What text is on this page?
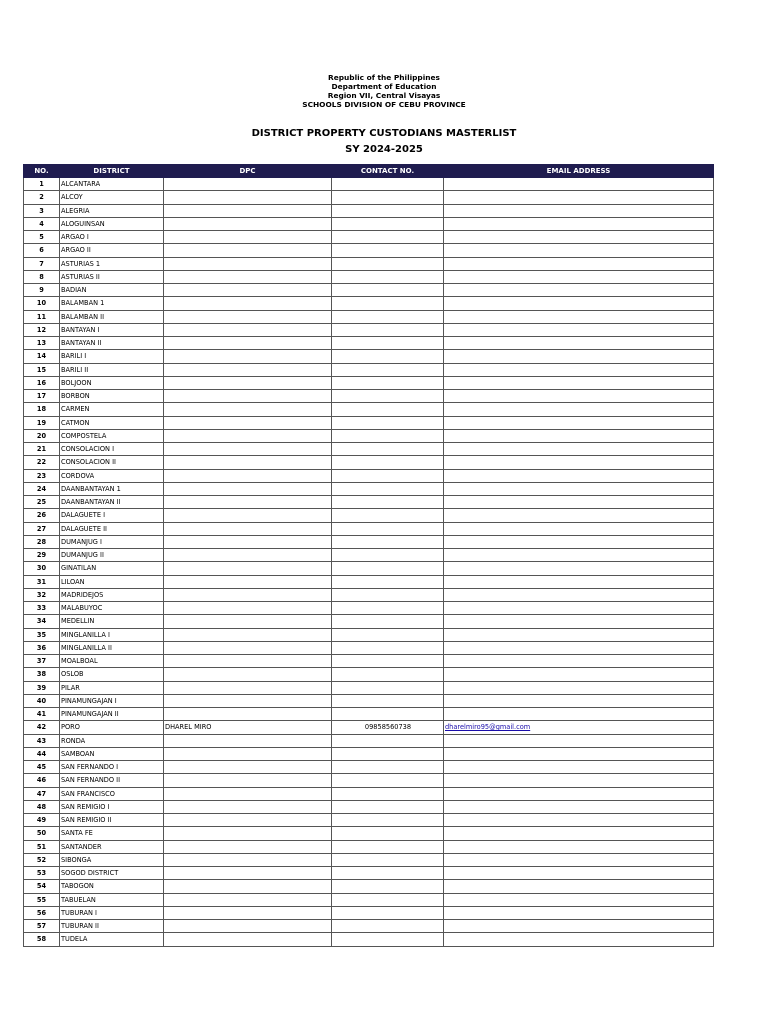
Republic of the Philippines
Department of Education
Region VII, Central Visayas
SCHOOLS DIVISION OF CEBU PROVINCE
DISTRICT PROPERTY CUSTODIANS MASTERLIST
SY 2024-2025
NO.	DISTRICT	DPC	CONTACT NO.	EMAIL ADDRESS
1	ALCANTARA			
2	ALCOY			
3	ALEGRIA			
4	ALOGUINSAN			
5	ARGAO I			
6	ARGAO II			
7	ASTURIAS 1			
8	ASTURIAS II			
9	BADIAN			
10	BALAMBAN 1			
11	BALAMBAN II			
12	BANTAYAN I			
13	BANTAYAN II			
14	BARILI I			
15	BARILI II			
16	BOLJOON			
17	BORBON			
18	CARMEN			
19	CATMON			
20	COMPOSTELA			
21	CONSOLACION I			
22	CONSOLACION II			
23	CORDOVA			
24	DAANBANTAYAN 1			
25	DAANBANTAYAN II			
26	DALAGUETE I			
27	DALAGUETE II			
28	DUMANJUG I			
29	DUMANJUG II			
30	GINATILAN			
31	LILOAN			
32	MADRIDEJOS			
33	MALABUYOC			
34	MEDELLIN			
35	MINGLANILLA I			
36	MINGLANILLA II			
37	MOALBOAL			
38	OSLOB			
39	PILAR			
40	PINAMUNGAJAN I			
41	PINAMUNGAJAN II			
42	PORO	DHAREL MIRO	09858560738	dharelmiro95@gmail.com
43	RONDA			
44	SAMBOAN			
45	SAN FERNANDO I			
46	SAN FERNANDO II			
47	SAN FRANCISCO			
48	SAN REMIGIO I			
49	SAN REMIGIO II			
50	SANTA FE			
51	SANTANDER			
52	SIBONGA			
53	SOGOD DISTRICT			
54	TABOGON			
55	TABUELAN			
56	TUBURAN I			
57	TUBURAN II			
58	TUDELA			
